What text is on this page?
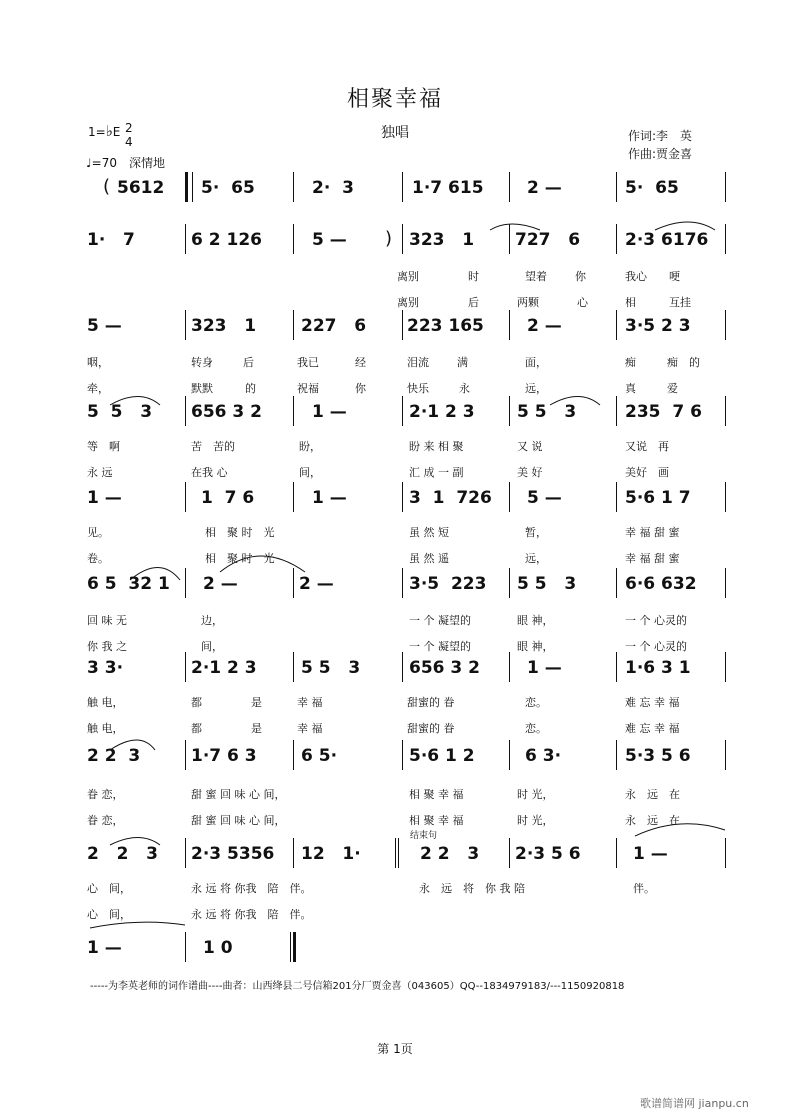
相聚幸福
独唱	作词:李　英
作曲:贾金喜
1=♭E 2
4
♩=70　深情地
结束句
5612 5·  65	2·  3	1·7 615	2 —	5·  65
(
1·   7	6 2 126	5 —	323   1 727   6	2·3 6176
)
5 —	323   1	227   6 223 165	2 —	3·5 2 3
5  5   3 656 3 2	1 —	2·1 2 3 5 5   3	235  7 6
1 —	1  7 6	1 —	3  1  726 5 —	5·6 1 7
6 5  32 1 2 —	2 —	3·5  223 5 5   3	6·6 632
3 3·	2·1 2 3	5 5   3	656 3 2	1 —	1·6 3 1
2 2  3	1·7 6 3	6 5·	5·6 1 2	6 3·	5·3 5 6
2   2   3 2·3 5356 12   1·	2 2   3 2·3 5 6	1 —
1 —	1 0
离别	时	望着	你	我心 哽
离别	后	两颗	心	相	互挂
咽，	转身	后	我已	经	泪流	满	面，	痴	痴　的
牵，	默默	的	祝福	你	快乐	永	远，	真	爱
等　啊	苦　苦的	盼，	盼 来 相 聚	又 说	又说　再
永 远	在我 心	间，	汇 成 一 副	美 好	美好　画
见。	相　聚 时　光	虽 然 短	暂，	幸 福 甜 蜜
卷。	相　聚 时　光	虽 然 遥	远，	幸 福 甜 蜜
回 味 无	边，	一 个 凝望的	眼 神，	一 个 心灵的
你 我 之	间，	一 个 凝望的	眼 神，	一 个 心灵的
触 电，	都	是	幸 福	甜蜜的 眷	恋。	难 忘 幸 福
触 电，	都	是	幸 福	甜蜜的 眷	恋。	难 忘 幸 福
眷 恋，	甜 蜜 回 味 心 间，	相 聚 幸 福	时 光，	永　远　在
眷 恋，	甜 蜜 回 味 心 间，	相 聚 幸 福	时 光，	永　远　在
心　间，	永 远 将 你我　陪　伴。	永　远　将　你 我 陪	伴。
心　间，	永 远 将 你我　陪　伴。
-----为李英老师的词作谱曲----曲者：山西绛县二号信箱201分厂贾金喜（043605）QQ--1834979183/---1150920818
第 1页
歌谱简谱网 jianpu.cn
